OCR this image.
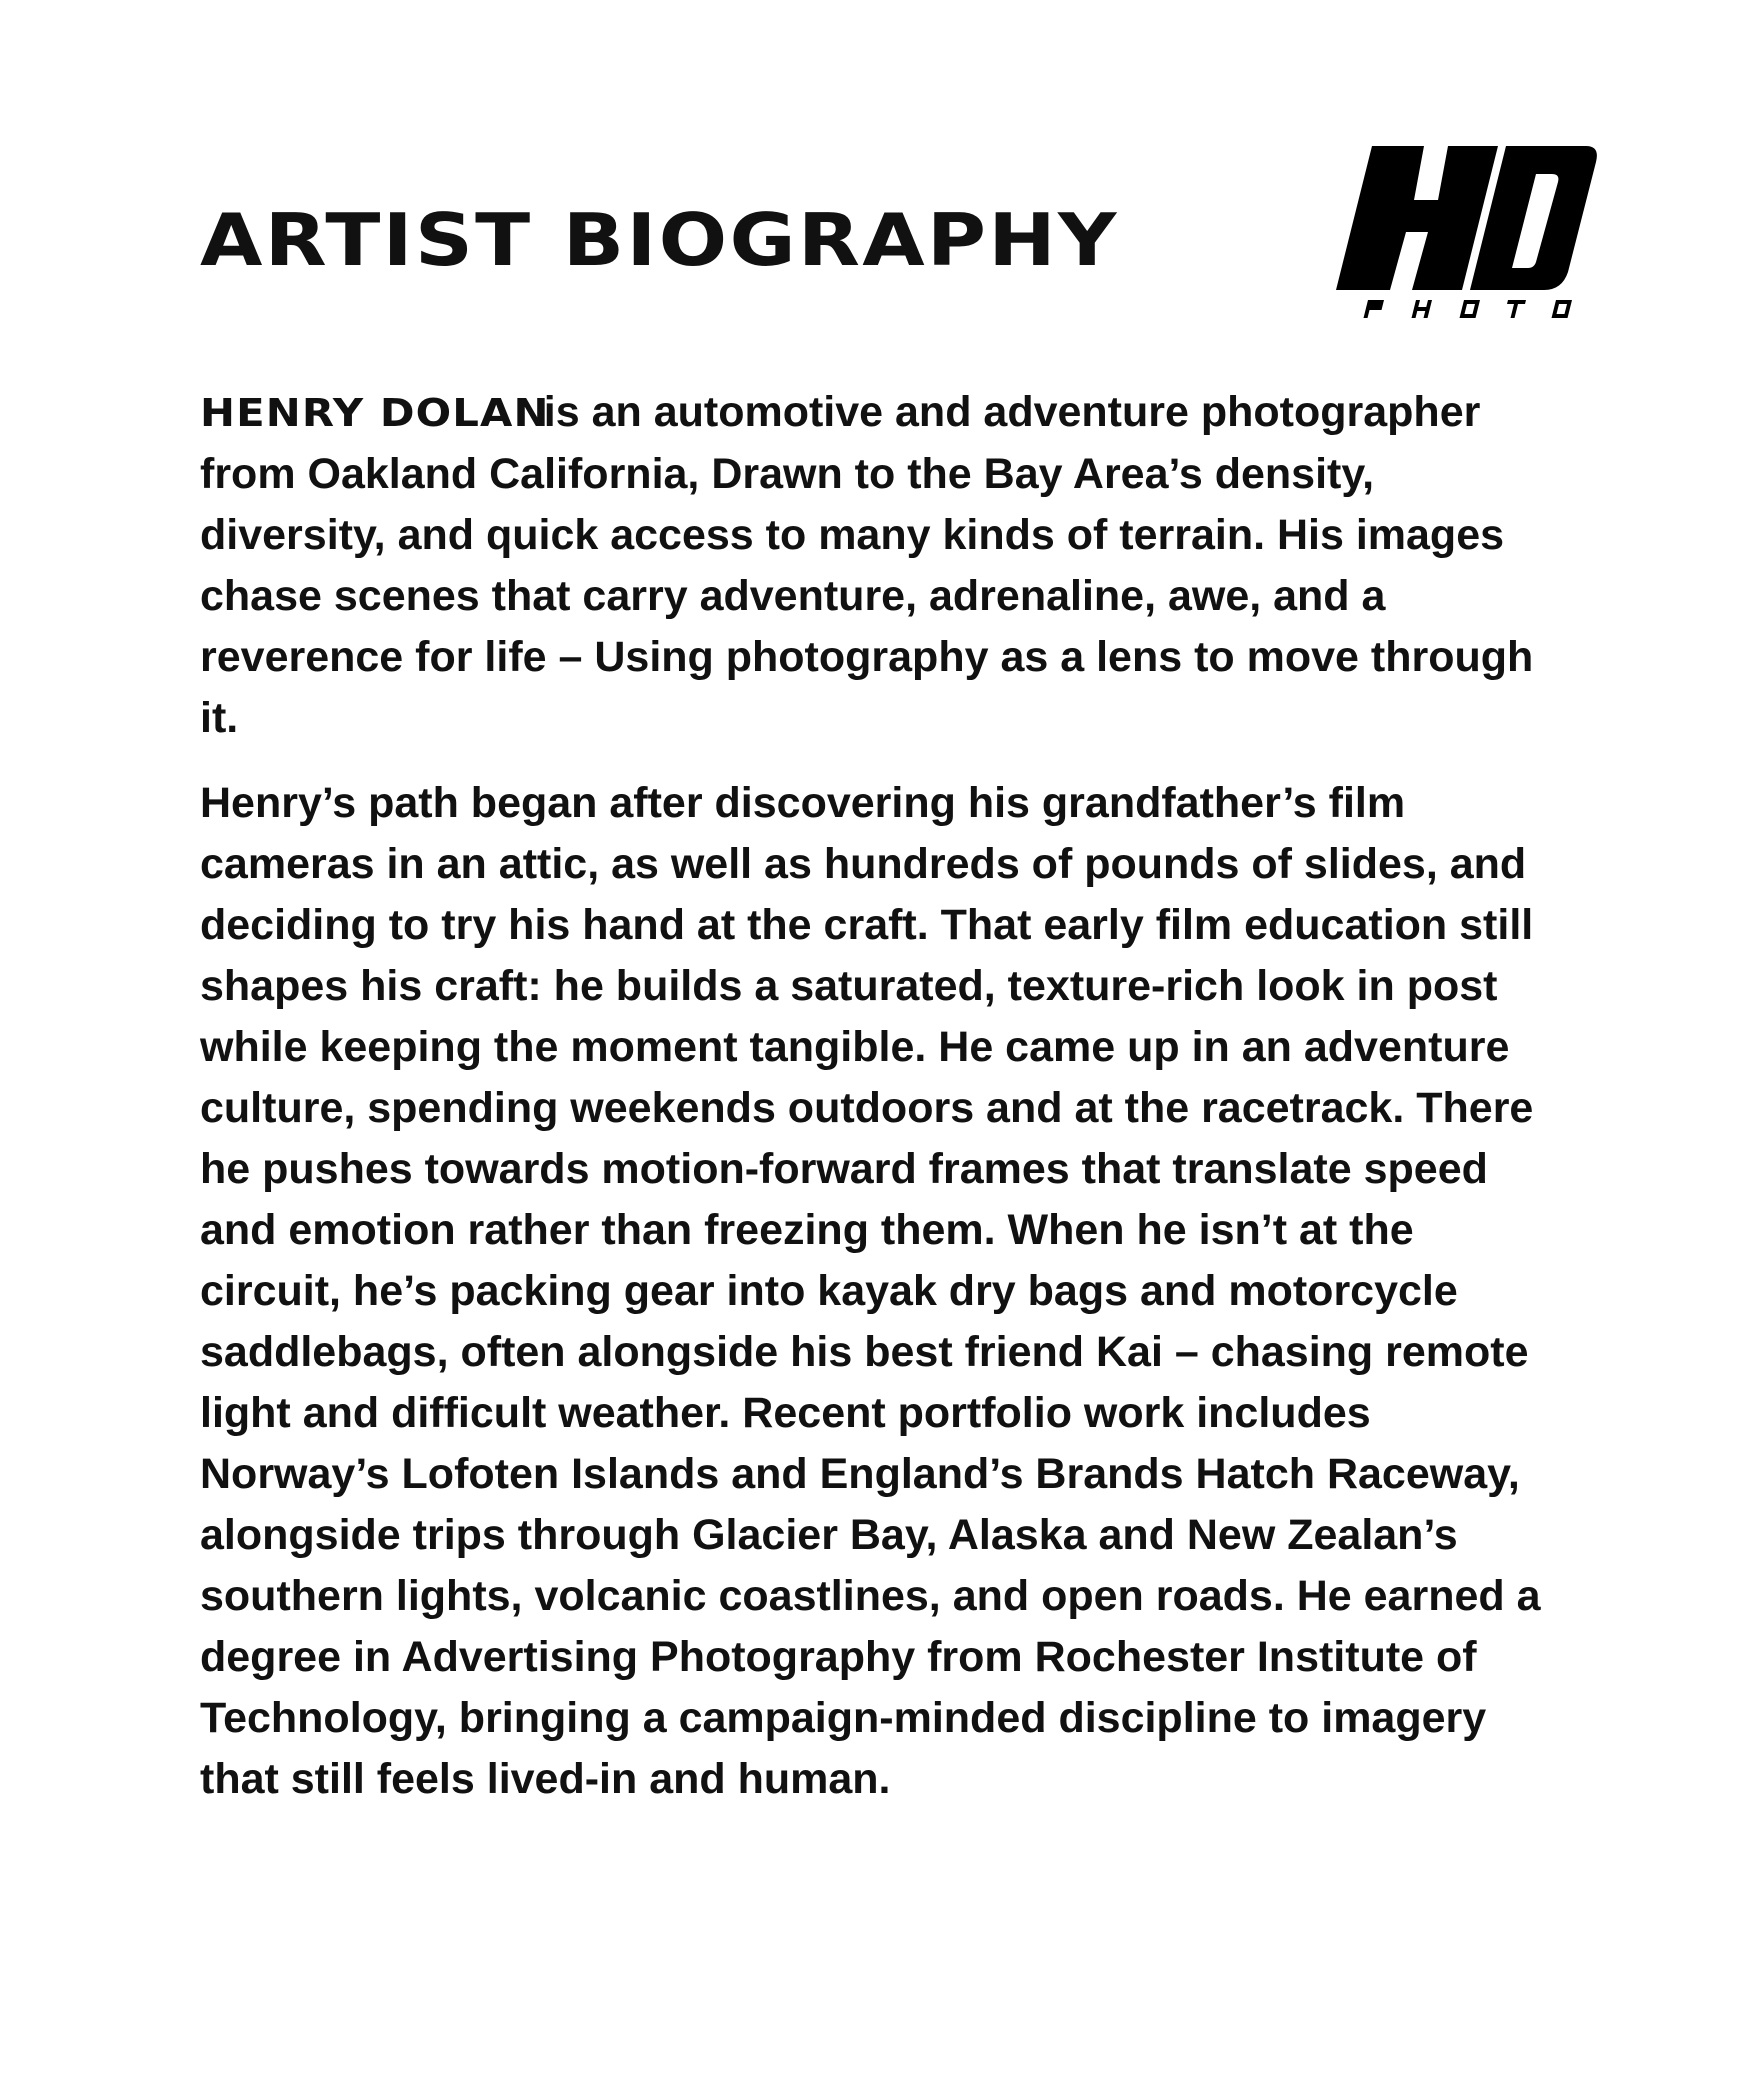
ARTIST BIOGRAPHY

HENRY DOLANis an automotive and adventure photographer from Oakland California, Drawn to the Bay Area’s density, diversity, and quick access to many kinds of terrain. His images chase scenes that carry adventure, adrenaline, awe, and a reverence for life – Using photography as a lens to move through it.

Henry’s path began after discovering his grandfather’s film cameras in an attic, as well as hundreds of pounds of slides, and deciding to try his hand at the craft. That early film education still shapes his craft: he builds a saturated, texture-rich look in post while keeping the moment tangible. He came up in an adventure culture, spending weekends outdoors and at the racetrack. There he pushes towards motion-forward frames that translate speed and emotion rather than freezing them. When he isn’t at the circuit, he’s packing gear into kayak dry bags and motorcycle saddlebags, often alongside his best friend Kai – chasing remote light and difficult weather. Recent portfolio work includes Norway’s Lofoten Islands and England’s Brands Hatch Raceway, alongside trips through Glacier Bay, Alaska and New Zealan’s southern lights, volcanic coastlines, and open roads. He earned a degree in Advertising Photography from Rochester Institute of Technology, bringing a campaign-minded discipline to imagery that still feels lived-in and human.
